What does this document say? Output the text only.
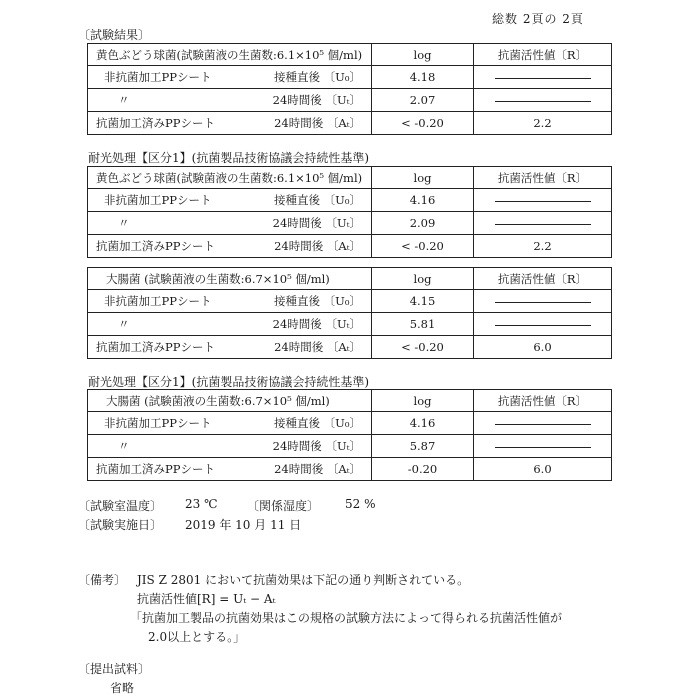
総数 2頁の 2頁
〔試験結果〕
黄色ぶどう球菌(試験菌液の生菌数:6.1×10⁵ 個/ml)	log	抗菌活性値〔R〕

非抗菌加工PPシート 接種直後 〔U₀〕	4.18	

〃 24時間後 〔Uₜ〕	2.07	

抗菌加工済みPPシート 24時間後 〔Aₜ〕	< -0.20	2.2
耐光処理【区分1】(抗菌製品技術協議会持続性基準)
黄色ぶどう球菌(試験菌液の生菌数:6.1×10⁵ 個/ml)	log	抗菌活性値〔R〕

非抗菌加工PPシート 接種直後 〔U₀〕	4.16	

〃 24時間後 〔Uₜ〕	2.09	

抗菌加工済みPPシート 24時間後 〔Aₜ〕	< -0.20	2.2
大腸菌 (試験菌液の生菌数:6.7×10⁵ 個/ml)	log	抗菌活性値〔R〕

非抗菌加工PPシート 接種直後 〔U₀〕	4.15	

〃 24時間後 〔Uₜ〕	5.81	

抗菌加工済みPPシート 24時間後 〔Aₜ〕	< -0.20	6.0
耐光処理【区分1】(抗菌製品技術協議会持続性基準)
大腸菌 (試験菌液の生菌数:6.7×10⁵ 個/ml)	log	抗菌活性値〔R〕

非抗菌加工PPシート 接種直後 〔U₀〕	4.16	

〃 24時間後 〔Uₜ〕	5.87	

抗菌加工済みPPシート 24時間後 〔Aₜ〕	-0.20	6.0
〔試験室温度〕 23 ℃ 〔関係湿度〕 52 %
〔試験実施日〕 2019 年 10 月 11 日
〔備考〕 JIS Z 2801 において抗菌効果は下記の通り判断されている。
抗菌活性値[R] = Uₜ − Aₜ
「抗菌加工製品の抗菌効果はこの規格の試験方法によって得られる抗菌活性値が
2.0以上とする。」
〔提出試料〕
省略
